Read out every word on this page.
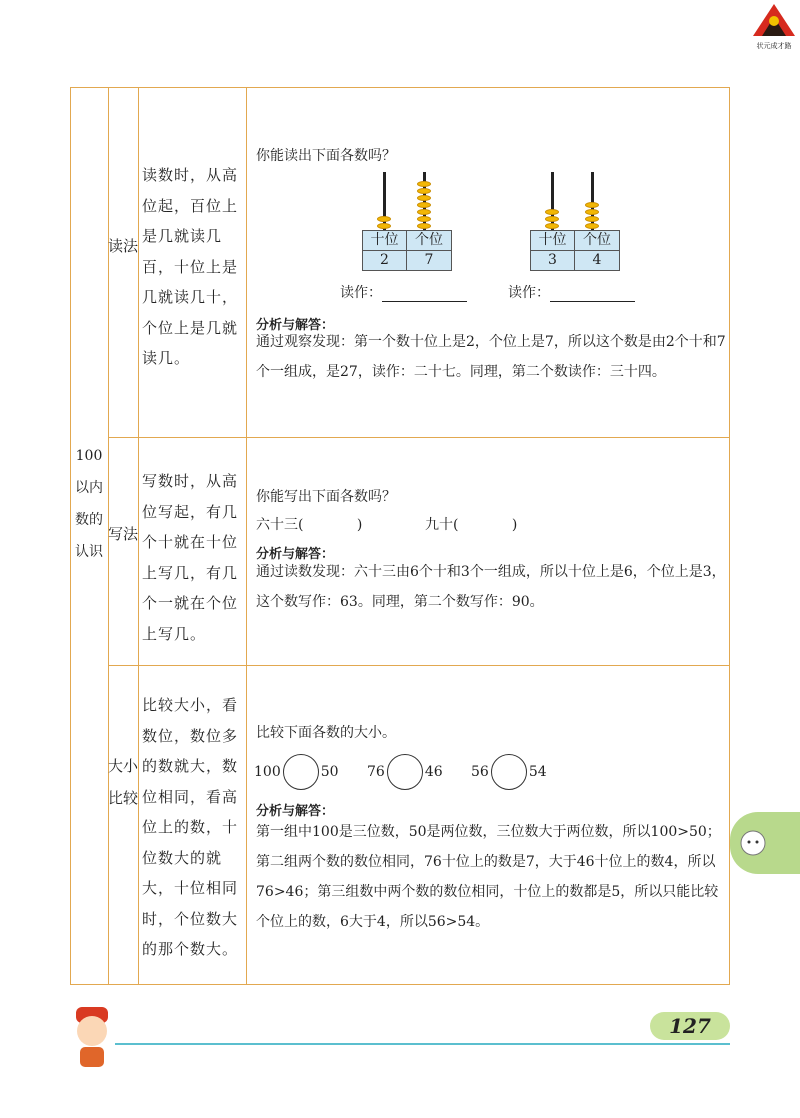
状元成才路
100以内数的认识
读法
读数时，从高位起，百位上是几就读几百，十位上是几就读几十，个位上是几就读几。
你能读出下面各数吗？
十位	个位
2	7
十位	个位
3	4
读作：	读作：
分析与解答：
通过观察发现：第一个数十位上是2，个位上是7，所以这个数是由2个十和7个一组成，是27，读作：二十七。同理，第二个数读作：三十四。
写法
写数时，从高位写起，有几个十就在十位上写几，有几个一就在个位上写几。
你能写出下面各数吗？
六十三(            )	九十(            )
分析与解答：
通过读数发现：六十三由6个十和3个一组成，所以十位上是6，个位上是3，这个数写作：63。同理，第二个数写作：90。
大小比较
比较大小，看数位，数位多的数就大，数位相同，看高位上的数，十位数大的就大，十位相同时，个位数大的那个数大。
比较下面各数的大小。
100	50 76	46 56	54
分析与解答：
第一组中100是三位数，50是两位数，三位数大于两位数，所以100>50；第二组两个数的数位相同，76十位上的数是7，大于46十位上的数4，所以76>46；第三组数中两个数的数位相同，十位上的数都是5，所以只能比较个位上的数，6大于4，所以56>54。
127
